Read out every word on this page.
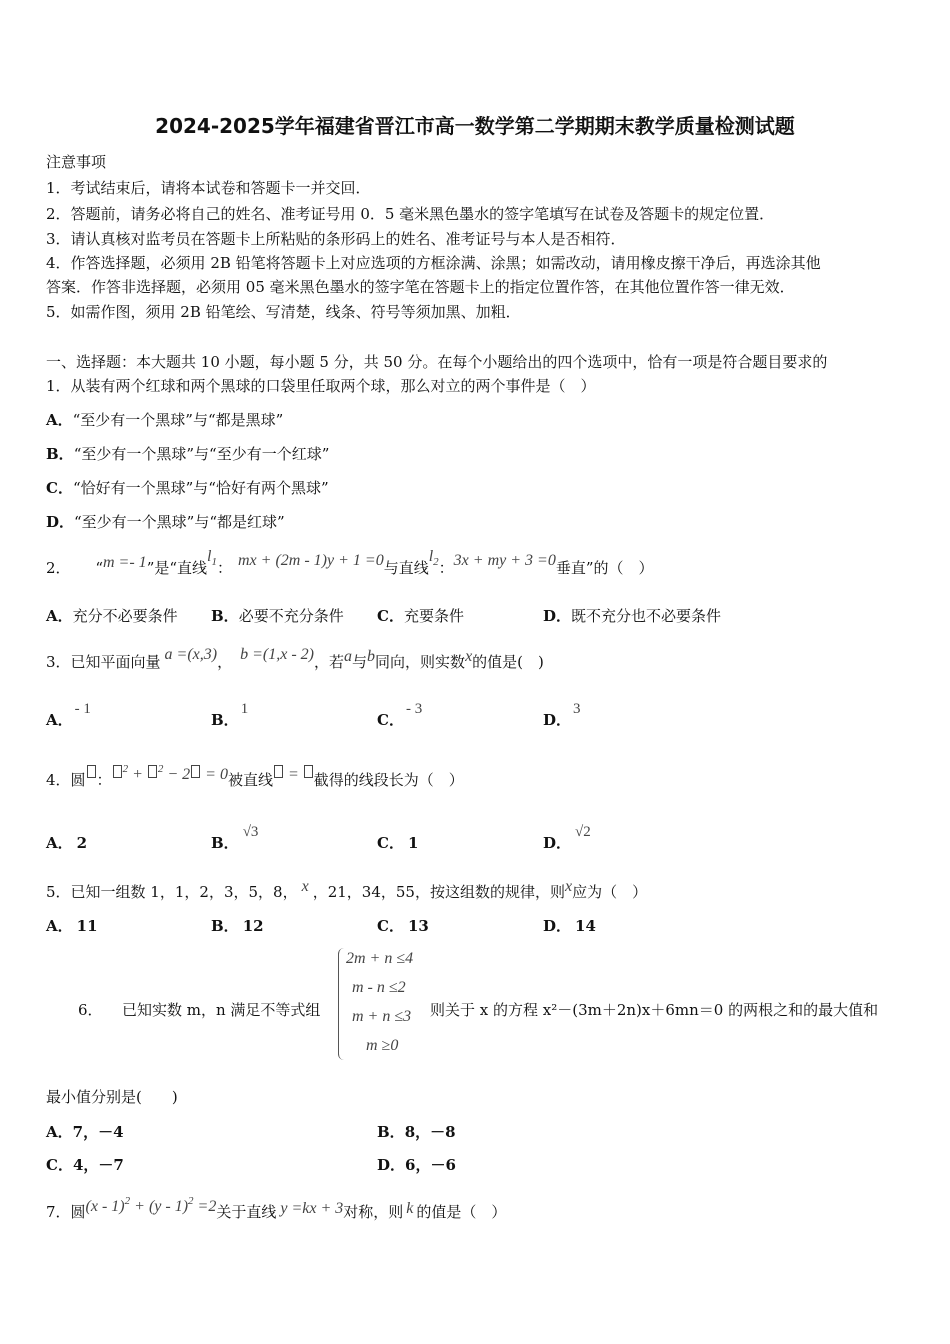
2024-2025学年福建省晋江市高一数学第二学期期末教学质量检测试题
注意事项
1．考试结束后，请将本试卷和答题卡一并交回．
2．答题前，请务必将自己的姓名、准考证号用 0．5 毫米黑色墨水的签字笔填写在试卷及答题卡的规定位置．
3．请认真核对监考员在答题卡上所粘贴的条形码上的姓名、准考证号与本人是否相符．
4．作答选择题，必须用 2B 铅笔将答题卡上对应选项的方框涂满、涂黑；如需改动，请用橡皮擦干净后，再选涂其他
答案．作答非选择题，必须用 05 毫米黑色墨水的签字笔在答题卡上的指定位置作答，在其他位置作答一律无效．
5．如需作图，须用 2B 铅笔绘、写清楚，线条、符号等须加黑、加粗．
一、选择题：本大题共 10 小题，每小题 5 分，共 50 分。在每个小题给出的四个选项中，恰有一项是符合题目要求的
1．从装有两个红球和两个黑球的口袋里任取两个球，那么对立的两个事件是（　）
A．“至少有一个黑球”与“都是黑球”
B．“至少有一个黑球”与“至少有一个红球”
C．“恰好有一个黑球”与“恰好有两个黑球”
D．“至少有一个黑球”与“都是红球”
2． “m =- 1”是“直线$l_1$： mx + (2m - 1)y + 1 =0与直线$l_2$：3x + my + 3 =0垂直”的（　）
A．充分不必要条件 B．必要不充分条件 C．充要条件	D．既不充分也不必要条件
3．已知平面向量 a =(x,3)， b =(1,x - 2)，若a与b同向，则实数x的值是(　)
A．- 1
B．1
C．- 3
D．3
4．圆 ：$^2$ + $^2$ − 2 = 0被直线 = 截得的线段长为（　）
A． 2	B．√3
C． 1	D．√2
5．已知一组数 1，1，2，3，5，8， x ，21，34，55，按这组数的规律，则x应为（　）
A． 11	B． 12	C． 13	D． 14
6． 已知实数 m，n 满足不等式组
2m + n ≤4
m - n ≤2
m + n ≤3
m ≥0
则关于 x 的方程 x²－(3m＋2n)x＋6mn＝0 的两根之和的最大值和
最小值分别是(　　)
A．7，－4	B．8，－8
C．4，－7	D．6，－6
7．圆(x - 1)$^2$ + (y - 1)$^2$ =2关于直线 y =kx + 3对称，则 k 的值是（　）
